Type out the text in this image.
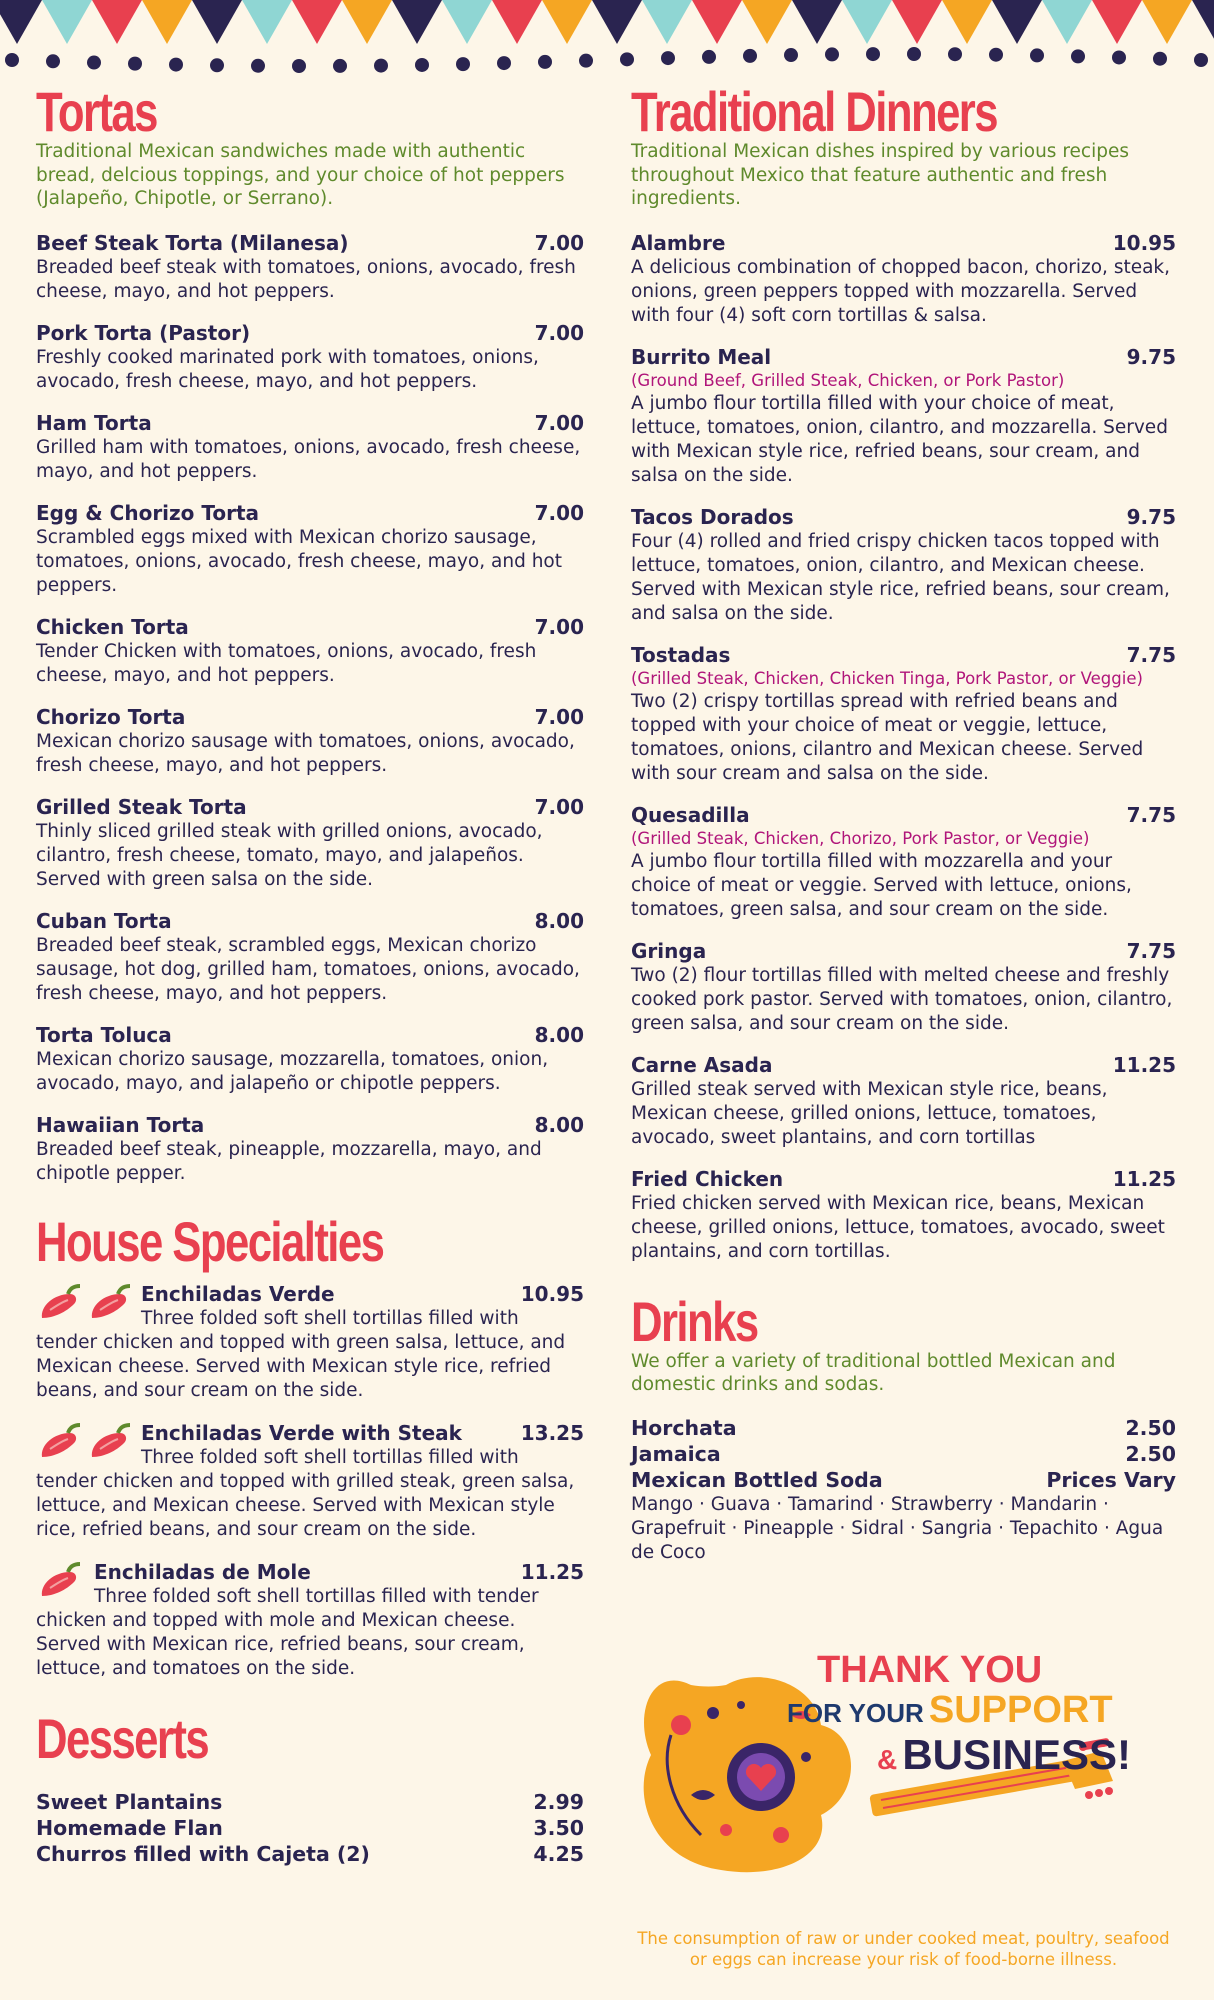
Tortas
Traditional Mexican sandwiches made with authentic bread, delcious toppings, and your choice of hot peppers (Jalapeño, Chipotle, or Serrano).
Beef Steak Torta (Milanesa)	7.00
Breaded beef steak with tomatoes, onions, avocado, fresh cheese, mayo, and hot peppers.
Pork Torta (Pastor)	7.00
Freshly cooked marinated pork with tomatoes, onions, avocado, fresh cheese, mayo, and hot peppers.
Ham Torta	7.00
Grilled ham with tomatoes, onions, avocado, fresh cheese, mayo, and hot peppers.
Egg & Chorizo Torta	7.00
Scrambled eggs mixed with Mexican chorizo sausage, tomatoes, onions, avocado, fresh cheese, mayo, and hot peppers.
Chicken Torta	7.00
Tender Chicken with tomatoes, onions, avocado, fresh cheese, mayo, and hot peppers.
Chorizo Torta	7.00
Mexican chorizo sausage with tomatoes, onions, avocado, fresh cheese, mayo, and hot peppers.
Grilled Steak Torta	7.00
Thinly sliced grilled steak with grilled onions, avocado, cilantro, fresh cheese, tomato, mayo, and jalapeños. Served with green salsa on the side.
Cuban Torta	8.00
Breaded beef steak, scrambled eggs, Mexican chorizo sausage, hot dog, grilled ham, tomatoes, onions, avocado, fresh cheese, mayo, and hot peppers.
Torta Toluca	8.00
Mexican chorizo sausage, mozzarella, tomatoes, onion, avocado, mayo, and jalapeño or chipotle peppers.
Hawaiian Torta	8.00
Breaded beef steak, pineapple, mozzarella, mayo, and chipotle pepper.
House Specialties
Enchiladas Verde	10.95
Three folded soft shell tortillas filled with
tender chicken and topped with green salsa, lettuce, and Mexican cheese. Served with Mexican style rice, refried beans, and sour cream on the side.
Enchiladas Verde with Steak	13.25
Three folded soft shell tortillas filled with
tender chicken and topped with grilled steak, green salsa, lettuce, and Mexican cheese. Served with Mexican style rice, refried beans, and sour cream on the side.
Enchiladas de Mole	11.25
Three folded soft shell tortillas filled with tender
chicken and topped with mole and Mexican cheese. Served with Mexican rice, refried beans, sour cream, lettuce, and tomatoes on the side.
Desserts
Sweet Plantains	2.99
Homemade Flan	3.50
Churros filled with Cajeta (2)	4.25
Traditional Dinners
Traditional Mexican dishes inspired by various recipes throughout Mexico that feature authentic and fresh ingredients.
Alambre	10.95
A delicious combination of chopped bacon, chorizo, steak, onions, green peppers topped with mozzarella. Served with four (4) soft corn tortillas & salsa.
Burrito Meal	9.75
(Ground Beef, Grilled Steak, Chicken, or Pork Pastor)
A jumbo flour tortilla filled with your choice of meat, lettuce, tomatoes, onion, cilantro, and mozzarella. Served with Mexican style rice, refried beans, sour cream, and salsa on the side.
Tacos Dorados	9.75
Four (4) rolled and fried crispy chicken tacos topped with lettuce, tomatoes, onion, cilantro, and Mexican cheese. Served with Mexican style rice, refried beans, sour cream, and salsa on the side.
Tostadas	7.75
(Grilled Steak, Chicken, Chicken Tinga, Pork Pastor, or Veggie)
Two (2) crispy tortillas spread with refried beans and topped with your choice of meat or veggie, lettuce, tomatoes, onions, cilantro and Mexican cheese. Served with sour cream and salsa on the side.
Quesadilla	7.75
(Grilled Steak, Chicken, Chorizo, Pork Pastor, or Veggie)
A jumbo flour tortilla filled with mozzarella and your choice of meat or veggie. Served with lettuce, onions, tomatoes, green salsa, and sour cream on the side.
Gringa	7.75
Two (2) flour tortillas filled with melted cheese and freshly cooked pork pastor. Served with tomatoes, onion, cilantro, green salsa, and sour cream on the side.
Carne Asada	11.25
Grilled steak served with Mexican style rice, beans, Mexican cheese, grilled onions, lettuce, tomatoes, avocado, sweet plantains, and corn tortillas
Fried Chicken	11.25
Fried chicken served with Mexican rice, beans, Mexican cheese, grilled onions, lettuce, tomatoes, avocado, sweet plantains, and corn tortillas.
Drinks
We offer a variety of traditional bottled Mexican and domestic drinks and sodas.
Horchata	2.50
Jamaica	2.50
Mexican Bottled Soda	Prices Vary
Mango · Guava · Tamarind · Strawberry · Mandarin · Grapefruit · Pineapple · Sidral · Sangria · Tepachito · Agua de Coco
THANK YOU
FOR YOUR SUPPORT
& BUSINESS!
The consumption of raw or under cooked meat, poultry, seafood or eggs can increase your risk of food-borne illness.
